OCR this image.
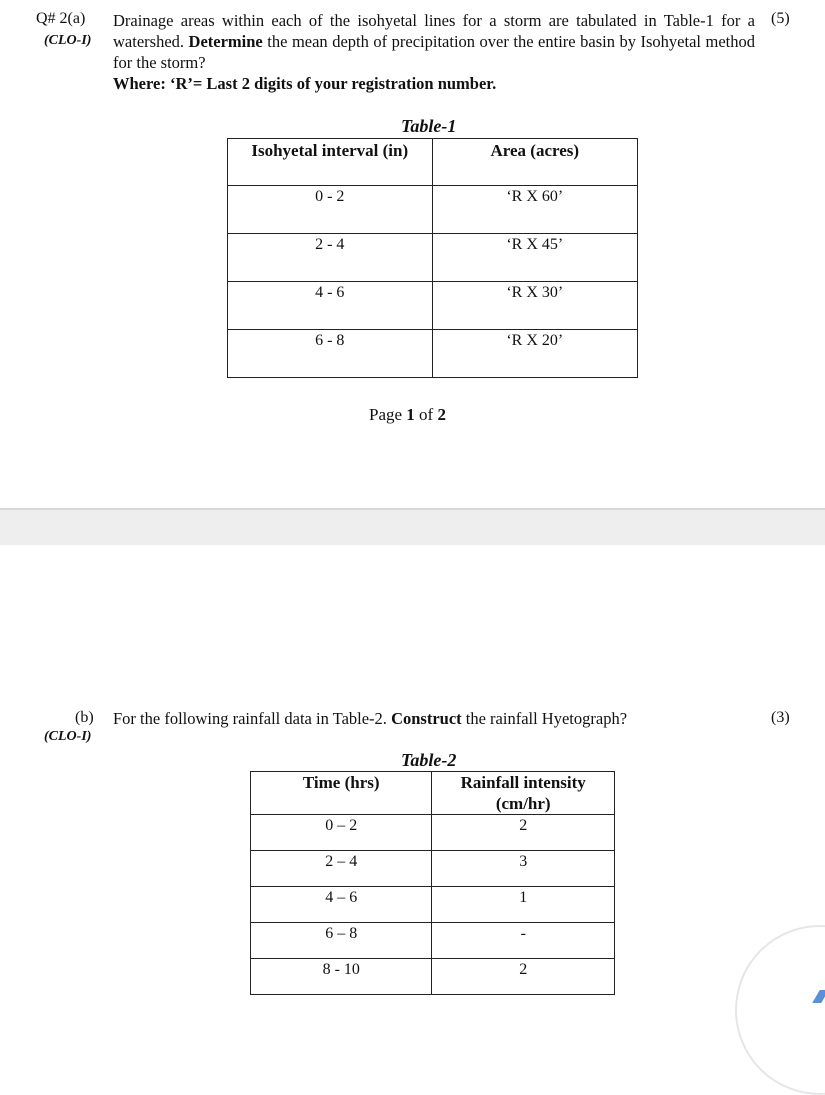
Q# 2(a)
(CLO-I)
(5)
Drainage areas within each of the isohyetal lines for a storm are tabulated in Table-1 for a watershed. Determine the mean depth of precipitation over the entire basin by Isohyetal method for the storm?
Where: ‘R’= Last 2 digits of your registration number.
Table-1
Isohyetal interval (in)	Area (acres)
0 - 2	‘R X 60’
2 - 4	‘R X 45’
4 - 6	‘R X 30’
6 - 8	‘R X 20’
Page 1 of 2
(b)
(CLO-I)
(3)
For the following rainfall data in Table-2. Construct the rainfall Hyetograph?
Table-2
Time (hrs)	Rainfall intensity (cm/hr)
0 – 2	2
2 – 4	3
4 – 6	1
6 – 8	-
8 - 10	2
